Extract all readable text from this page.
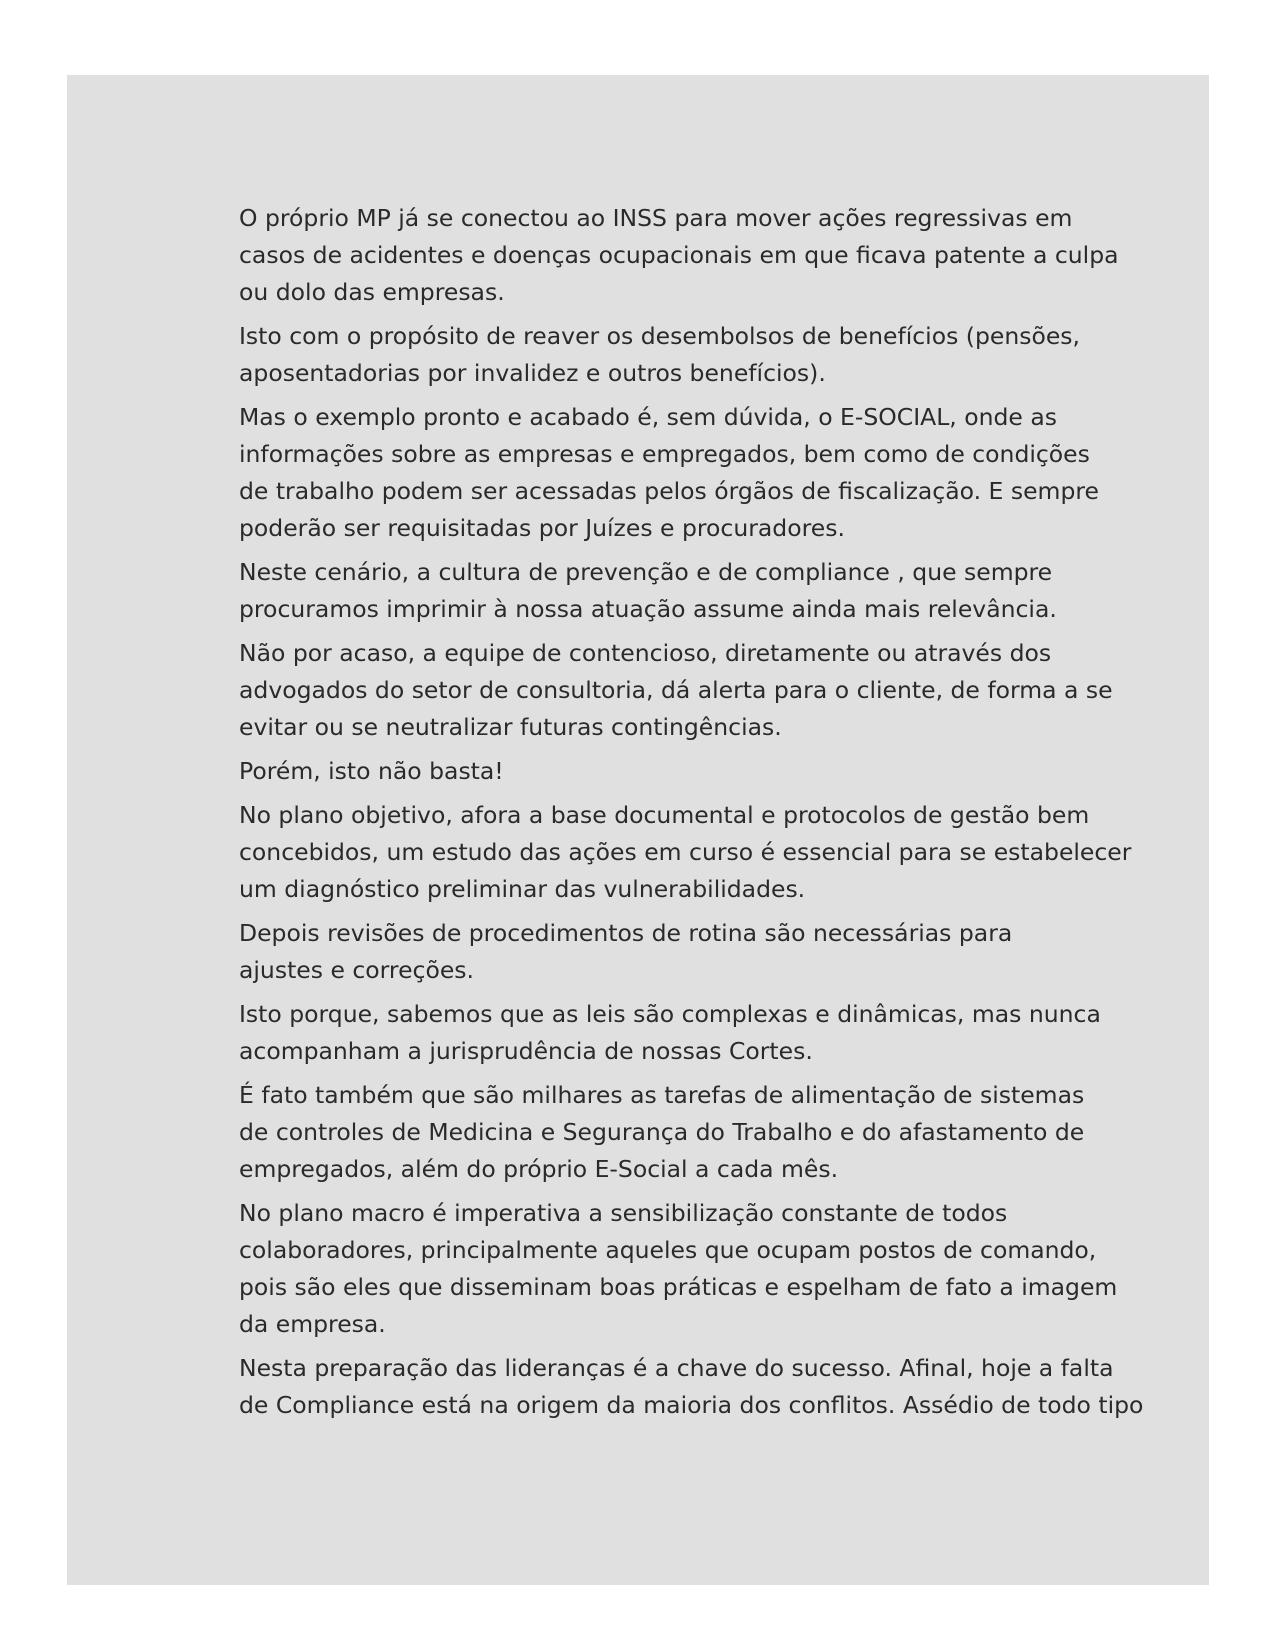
O próprio MP já se conectou ao INSS para mover ações regressivas em
casos de acidentes e doenças ocupacionais em que ficava patente a culpa
ou dolo das empresas.

Isto com o propósito de reaver os desembolsos de benefícios (pensões,
aposentadorias por invalidez e outros benefícios).

Mas o exemplo pronto e acabado é, sem dúvida, o E-SOCIAL, onde as
informações sobre as empresas e empregados, bem como de condições
de trabalho podem ser acessadas pelos órgãos de fiscalização. E sempre
poderão ser requisitadas por Juízes e procuradores.

Neste cenário, a cultura de prevenção e de compliance , que sempre
procuramos imprimir à nossa atuação assume ainda mais relevância.

Não por acaso, a equipe de contencioso, diretamente ou através dos
advogados do setor de consultoria, dá alerta para o cliente, de forma a se
evitar ou se neutralizar futuras contingências.

Porém, isto não basta!

No plano objetivo, afora a base documental e protocolos de gestão bem
concebidos, um estudo das ações em curso é essencial para se estabelecer
um diagnóstico preliminar das vulnerabilidades.

Depois revisões de procedimentos de rotina são necessárias para
ajustes e correções.

Isto porque, sabemos que as leis são complexas e dinâmicas, mas nunca
acompanham a jurisprudência de nossas Cortes.

É fato também que são milhares as tarefas de alimentação de sistemas
de controles de Medicina e Segurança do Trabalho e do afastamento de
empregados, além do próprio E-Social a cada mês.

No plano macro é imperativa a sensibilização constante de todos
colaboradores, principalmente aqueles que ocupam postos de comando,
pois são eles que disseminam boas práticas e espelham de fato a imagem
da empresa.

Nesta preparação das lideranças é a chave do sucesso. Afinal, hoje a falta
de Compliance está na origem da maioria dos conflitos. Assédio de todo tipo
